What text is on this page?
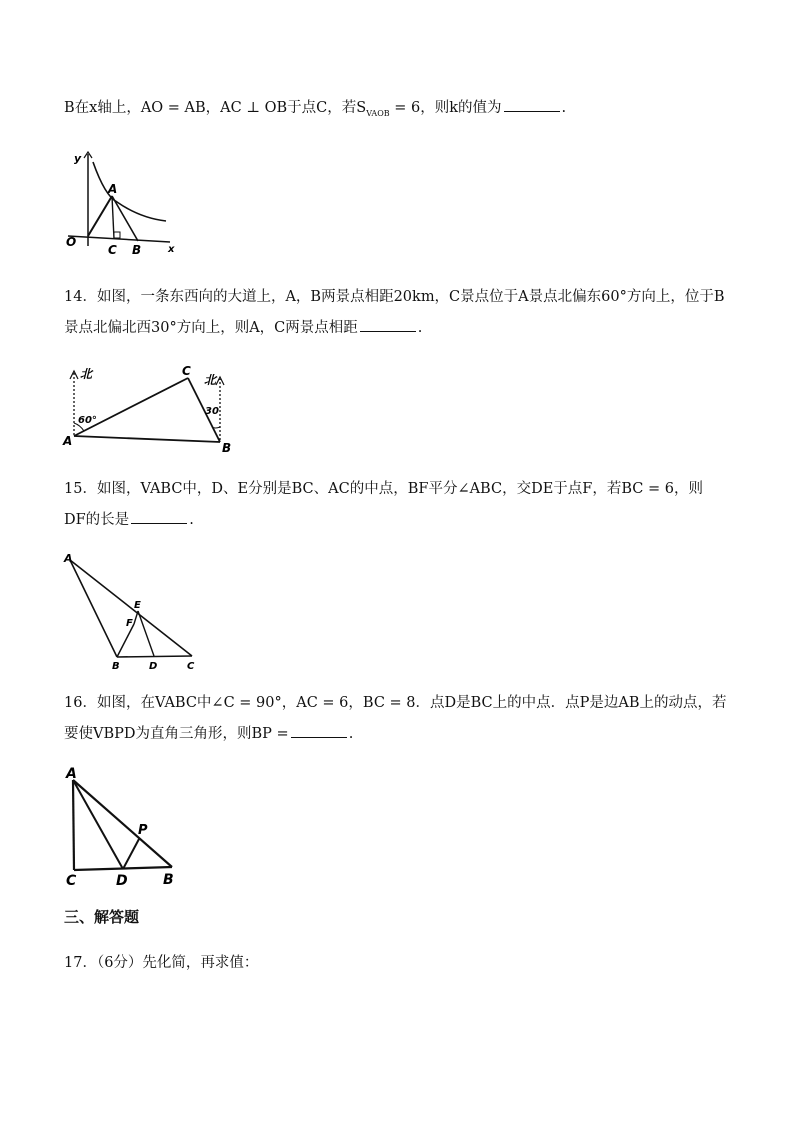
B在x轴上，AO = AB，AC ⊥ OB于点C，若$S_{VAOB} = 6$，则k的值为	.
y
x
O
A
C B
14．如图，一条东西向的大道上，A，B两景点相距20km，C景点位于A景点北偏东60°方向上，位于B
景点北偏北西30°方向上，则A，C两景点相距	.
北	北
60°
30
A	B
C
15．如图，VABC中，D、E分别是BC、AC的中点，BF平分∠ABC，交DE于点F，若BC = 6，则
DF的长是	.
A
E
F
B	D	C
16．如图，在VABC中∠C = 90°，AC = 6，BC = 8．点D是BC上的中点．点P是边AB上的动点，若
要使VBPD为直角三角形，则BP =	.
A
P
C	D	B
三、解答题
17．（6分）先化简，再求值：
